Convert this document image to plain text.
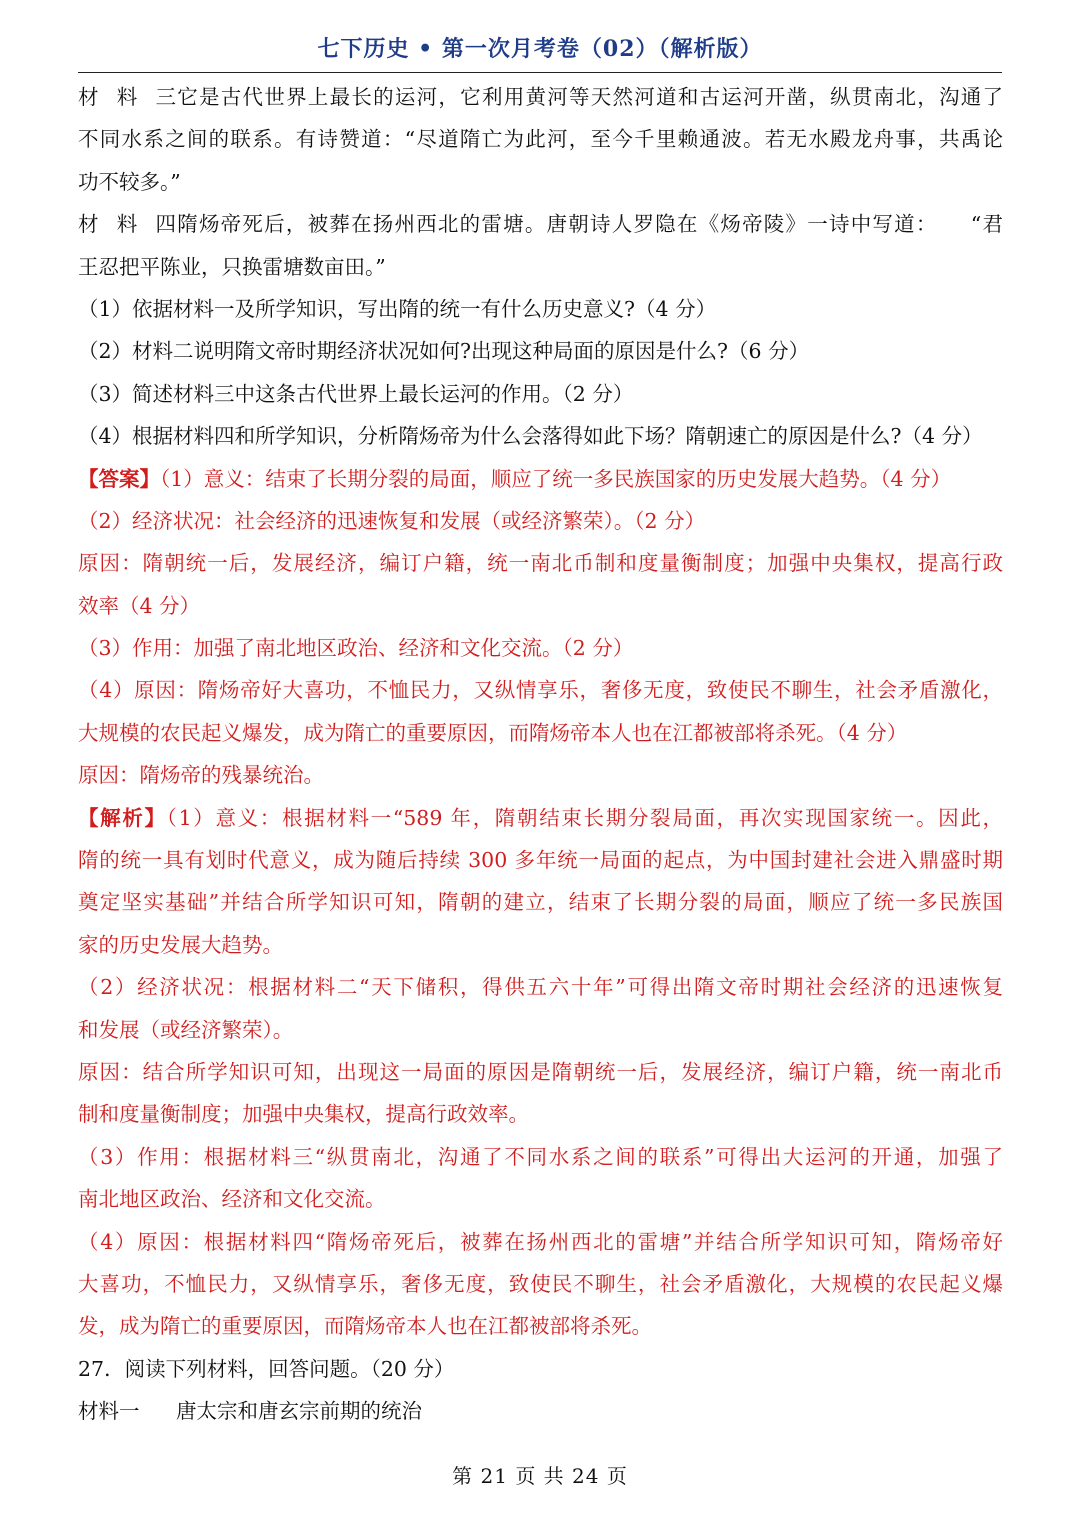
七下历史 • 第一次月考卷（02）（解析版）
材料三它是古代世界上最长的运河，它利用黄河等天然河道和古运河开凿，纵贯南北，沟通了
不同水系之间的联系。有诗赞道：“尽道隋亡为此河，至今千里赖通波。若无水殿龙舟事，共禹论
功不较多。”
材料四隋炀帝死后，被葬在扬州西北的雷塘。唐朝诗人罗隐在《炀帝陵》一诗中写道：　　“君
王忍把平陈业，只换雷塘数亩田。”
（1）依据材料一及所学知识，写出隋的统一有什么历史意义?（4 分）
（2）材料二说明隋文帝时期经济状况如何?出现这种局面的原因是什么?（6 分）
（3）简述材料三中这条古代世界上最长运河的作用。（2 分）
（4）根据材料四和所学知识，分析隋炀帝为什么会落得如此下场？隋朝速亡的原因是什么?（4 分）
【答案】（1）意义：结束了长期分裂的局面，顺应了统一多民族国家的历史发展大趋势。（4 分）
（2）经济状况：社会经济的迅速恢复和发展（或经济繁荣）。（2 分）
原因：隋朝统一后，发展经济，编订户籍，统一南北币制和度量衡制度；加强中央集权，提高行政
效率（4 分）
（3）作用：加强了南北地区政治、经济和文化交流。（2 分）
（4）原因：隋炀帝好大喜功，不恤民力，又纵情享乐，奢侈无度，致使民不聊生，社会矛盾激化，
大规模的农民起义爆发，成为隋亡的重要原因，而隋炀帝本人也在江都被部将杀死。（4 分）
原因：隋炀帝的残暴统治。
【解析】（1）意义：根据材料一“589 年，隋朝结束长期分裂局面，再次实现国家统一。因此，
隋的统一具有划时代意义，成为随后持续 300 多年统一局面的起点，为中国封建社会进入鼎盛时期
奠定坚实基础”并结合所学知识可知，隋朝的建立，结束了长期分裂的局面，顺应了统一多民族国
家的历史发展大趋势。
（2）经济状况：根据材料二“天下储积，得供五六十年”可得出隋文帝时期社会经济的迅速恢复
和发展（或经济繁荣）。
原因：结合所学知识可知，出现这一局面的原因是隋朝统一后，发展经济，编订户籍，统一南北币
制和度量衡制度；加强中央集权，提高行政效率。
（3）作用：根据材料三“纵贯南北，沟通了不同水系之间的联系”可得出大运河的开通，加强了
南北地区政治、经济和文化交流。
（4）原因：根据材料四“隋炀帝死后，被葬在扬州西北的雷塘”并结合所学知识可知，隋炀帝好
大喜功，不恤民力，又纵情享乐，奢侈无度，致使民不聊生，社会矛盾激化，大规模的农民起义爆
发，成为隋亡的重要原因，而隋炀帝本人也在江都被部将杀死。
27．阅读下列材料，回答问题。（20 分）
材料一 唐太宗和唐玄宗前期的统治
第 21 页 共 24 页
